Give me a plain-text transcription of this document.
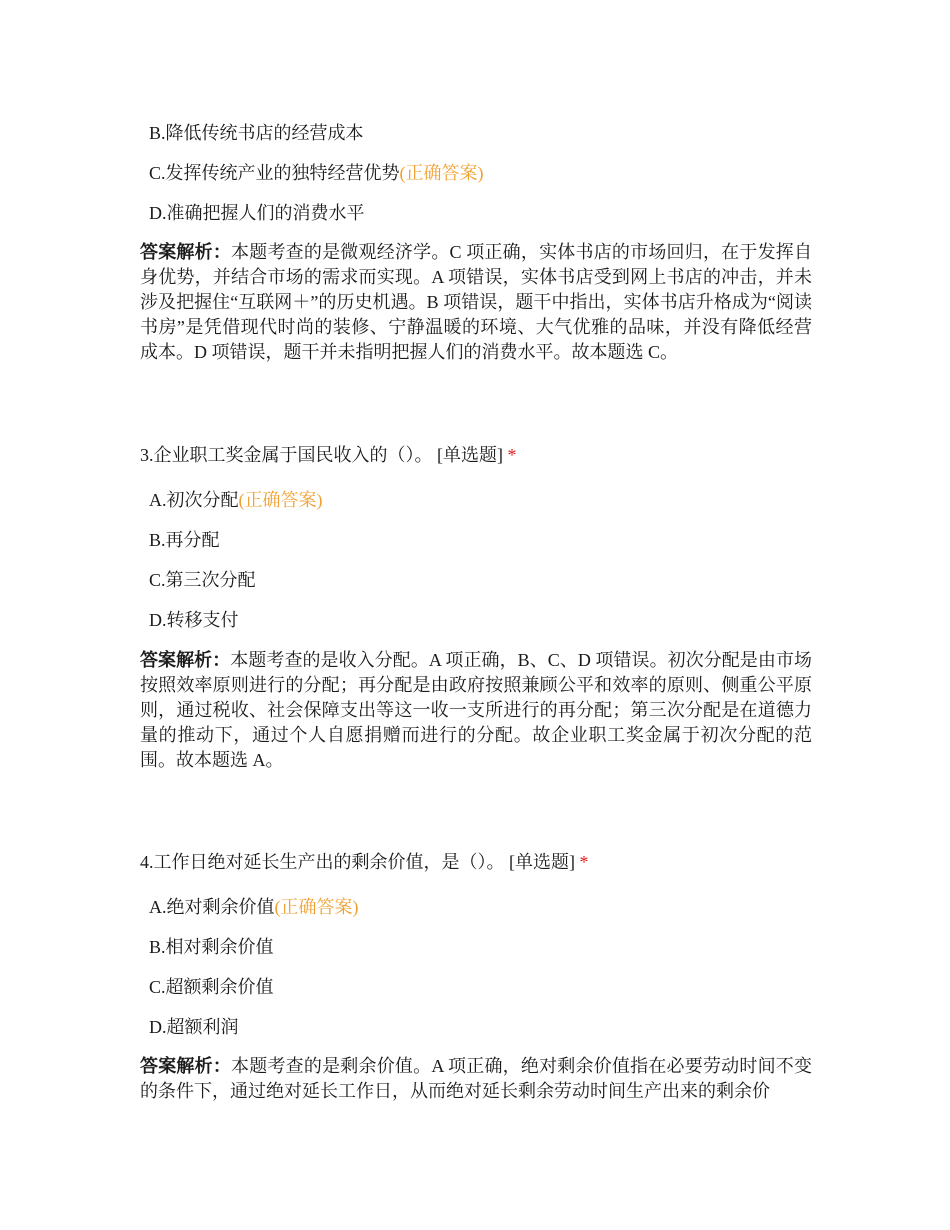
B.降低传统书店的经营成本
C.发挥传统产业的独特经营优势 (正确答案)
D.准确把握人们的消费水平

答案解析：本题考查的是微观经济学。C 项正确，实体书店的市场回归，在于发挥自身优势，并结合市场的需求而实现。A 项错误，实体书店受到网上书店的冲击，并未涉及把握住“互联网＋”的历史机遇。B 项错误，题干中指出，实体书店升格成为“阅读书房”是凭借现代时尚的装修、宁静温暖的环境、大气优雅的品味，并没有降低经营成本。D 项错误，题干并未指明把握人们的消费水平。故本题选 C。

3.企业职工奖金属于国民收入的（）。 [单选题] *
A.初次分配 (正确答案)
B.再分配
C.第三次分配
D.转移支付

答案解析：本题考查的是收入分配。A 项正确，B、C、D 项错误。初次分配是由市场按照效率原则进行的分配；再分配是由政府按照兼顾公平和效率的原则、侧重公平原则，通过税收、社会保障支出等这一收一支所进行的再分配；第三次分配是在道德力量的推动下，通过个人自愿捐赠而进行的分配。故企业职工奖金属于初次分配的范围。故本题选 A。

4.工作日绝对延长生产出的剩余价值，是（）。 [单选题] *
A.绝对剩余价值 (正确答案)
B.相对剩余价值
C.超额剩余价值
D.超额利润

答案解析：本题考查的是剩余价值。A 项正确，绝对剩余价值指在必要劳动时间不变的条件下，通过绝对延长工作日，从而绝对延长剩余劳动时间生产出来的剩余价
